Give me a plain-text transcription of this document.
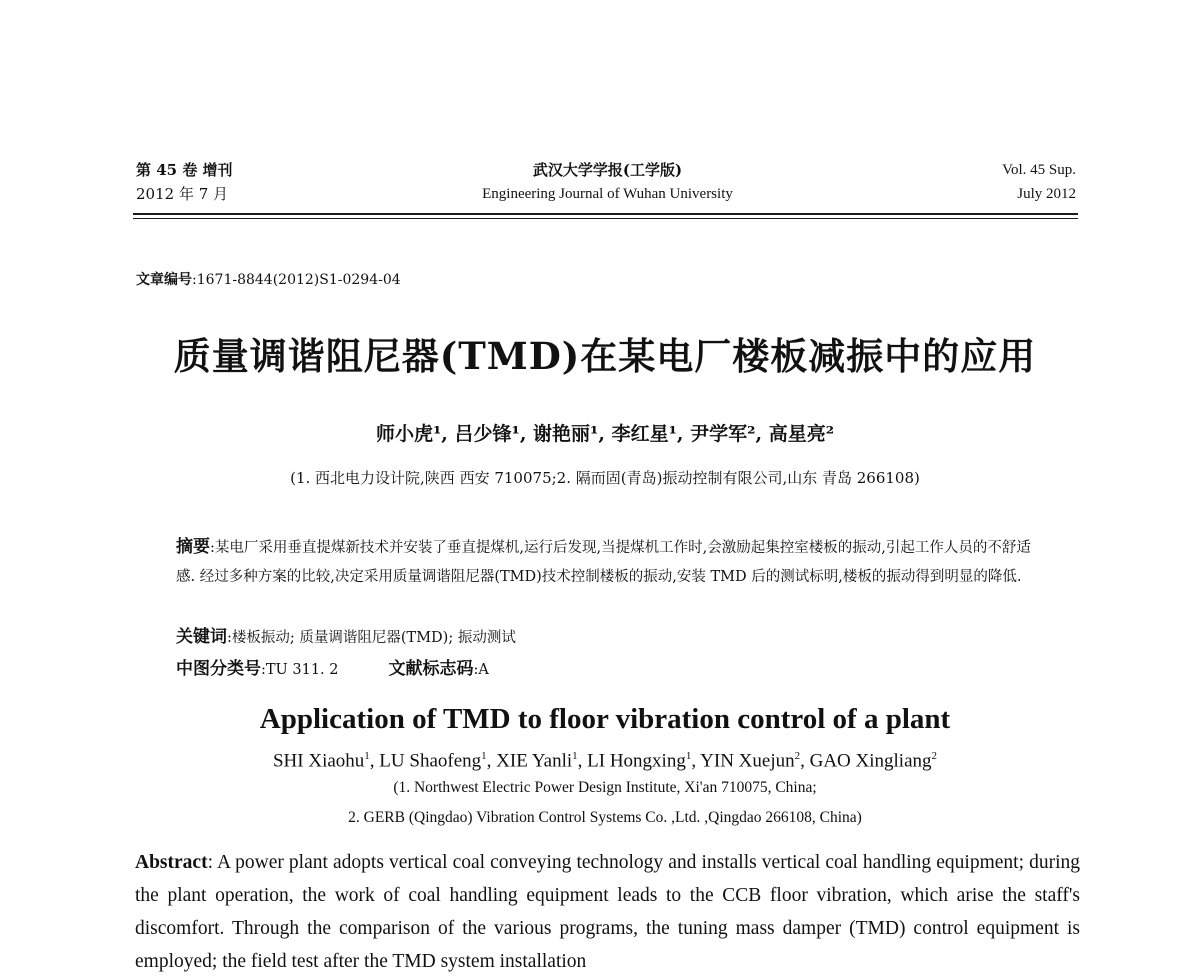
第 45 卷 增刊
2012 年 7 月
武汉大学学报(工学版)
Engineering Journal of Wuhan University
Vol. 45 Sup.
July 2012
文章编号:1671-8844(2012)S1-0294-04
质量调谐阻尼器(TMD)在某电厂楼板减振中的应用
师小虎¹, 吕少锋¹, 谢艳丽¹, 李红星¹, 尹学军², 高星亮²
(1. 西北电力设计院,陕西 西安 710075;2. 隔而固(青岛)振动控制有限公司,山东 青岛 266108)
摘要:某电厂采用垂直提煤新技术并安装了垂直提煤机,运行后发现,当提煤机工作时,会激励起集控室楼板的振动,引起工作人员的不舒适感. 经过多种方案的比较,决定采用质量调谐阻尼器(TMD)技术控制楼板的振动,安装 TMD 后的测试标明,楼板的振动得到明显的降低.
关键词:楼板振动; 质量调谐阻尼器(TMD); 振动测试
中图分类号:TU 311. 2	文献标志码:A
Application of TMD to floor vibration control of a plant
SHI Xiaohu$^1$, LU Shaofeng$^1$, XIE Yanli$^1$, LI Hongxing$^1$, YIN Xuejun$^2$, GAO Xingliang$^2$
(1. Northwest Electric Power Design Institute, Xi'an 710075, China;
2. GERB (Qingdao) Vibration Control Systems Co. ,Ltd. ,Qingdao 266108, China)
Abstract: A power plant adopts vertical coal conveying technology and installs vertical coal handling equipment; during the plant operation, the work of coal handling equipment leads to the CCB floor vibration, which arise the staff's discomfort. Through the comparison of the various programs, the tuning mass damper (TMD) control equipment is employed; the field test after the TMD system installation
